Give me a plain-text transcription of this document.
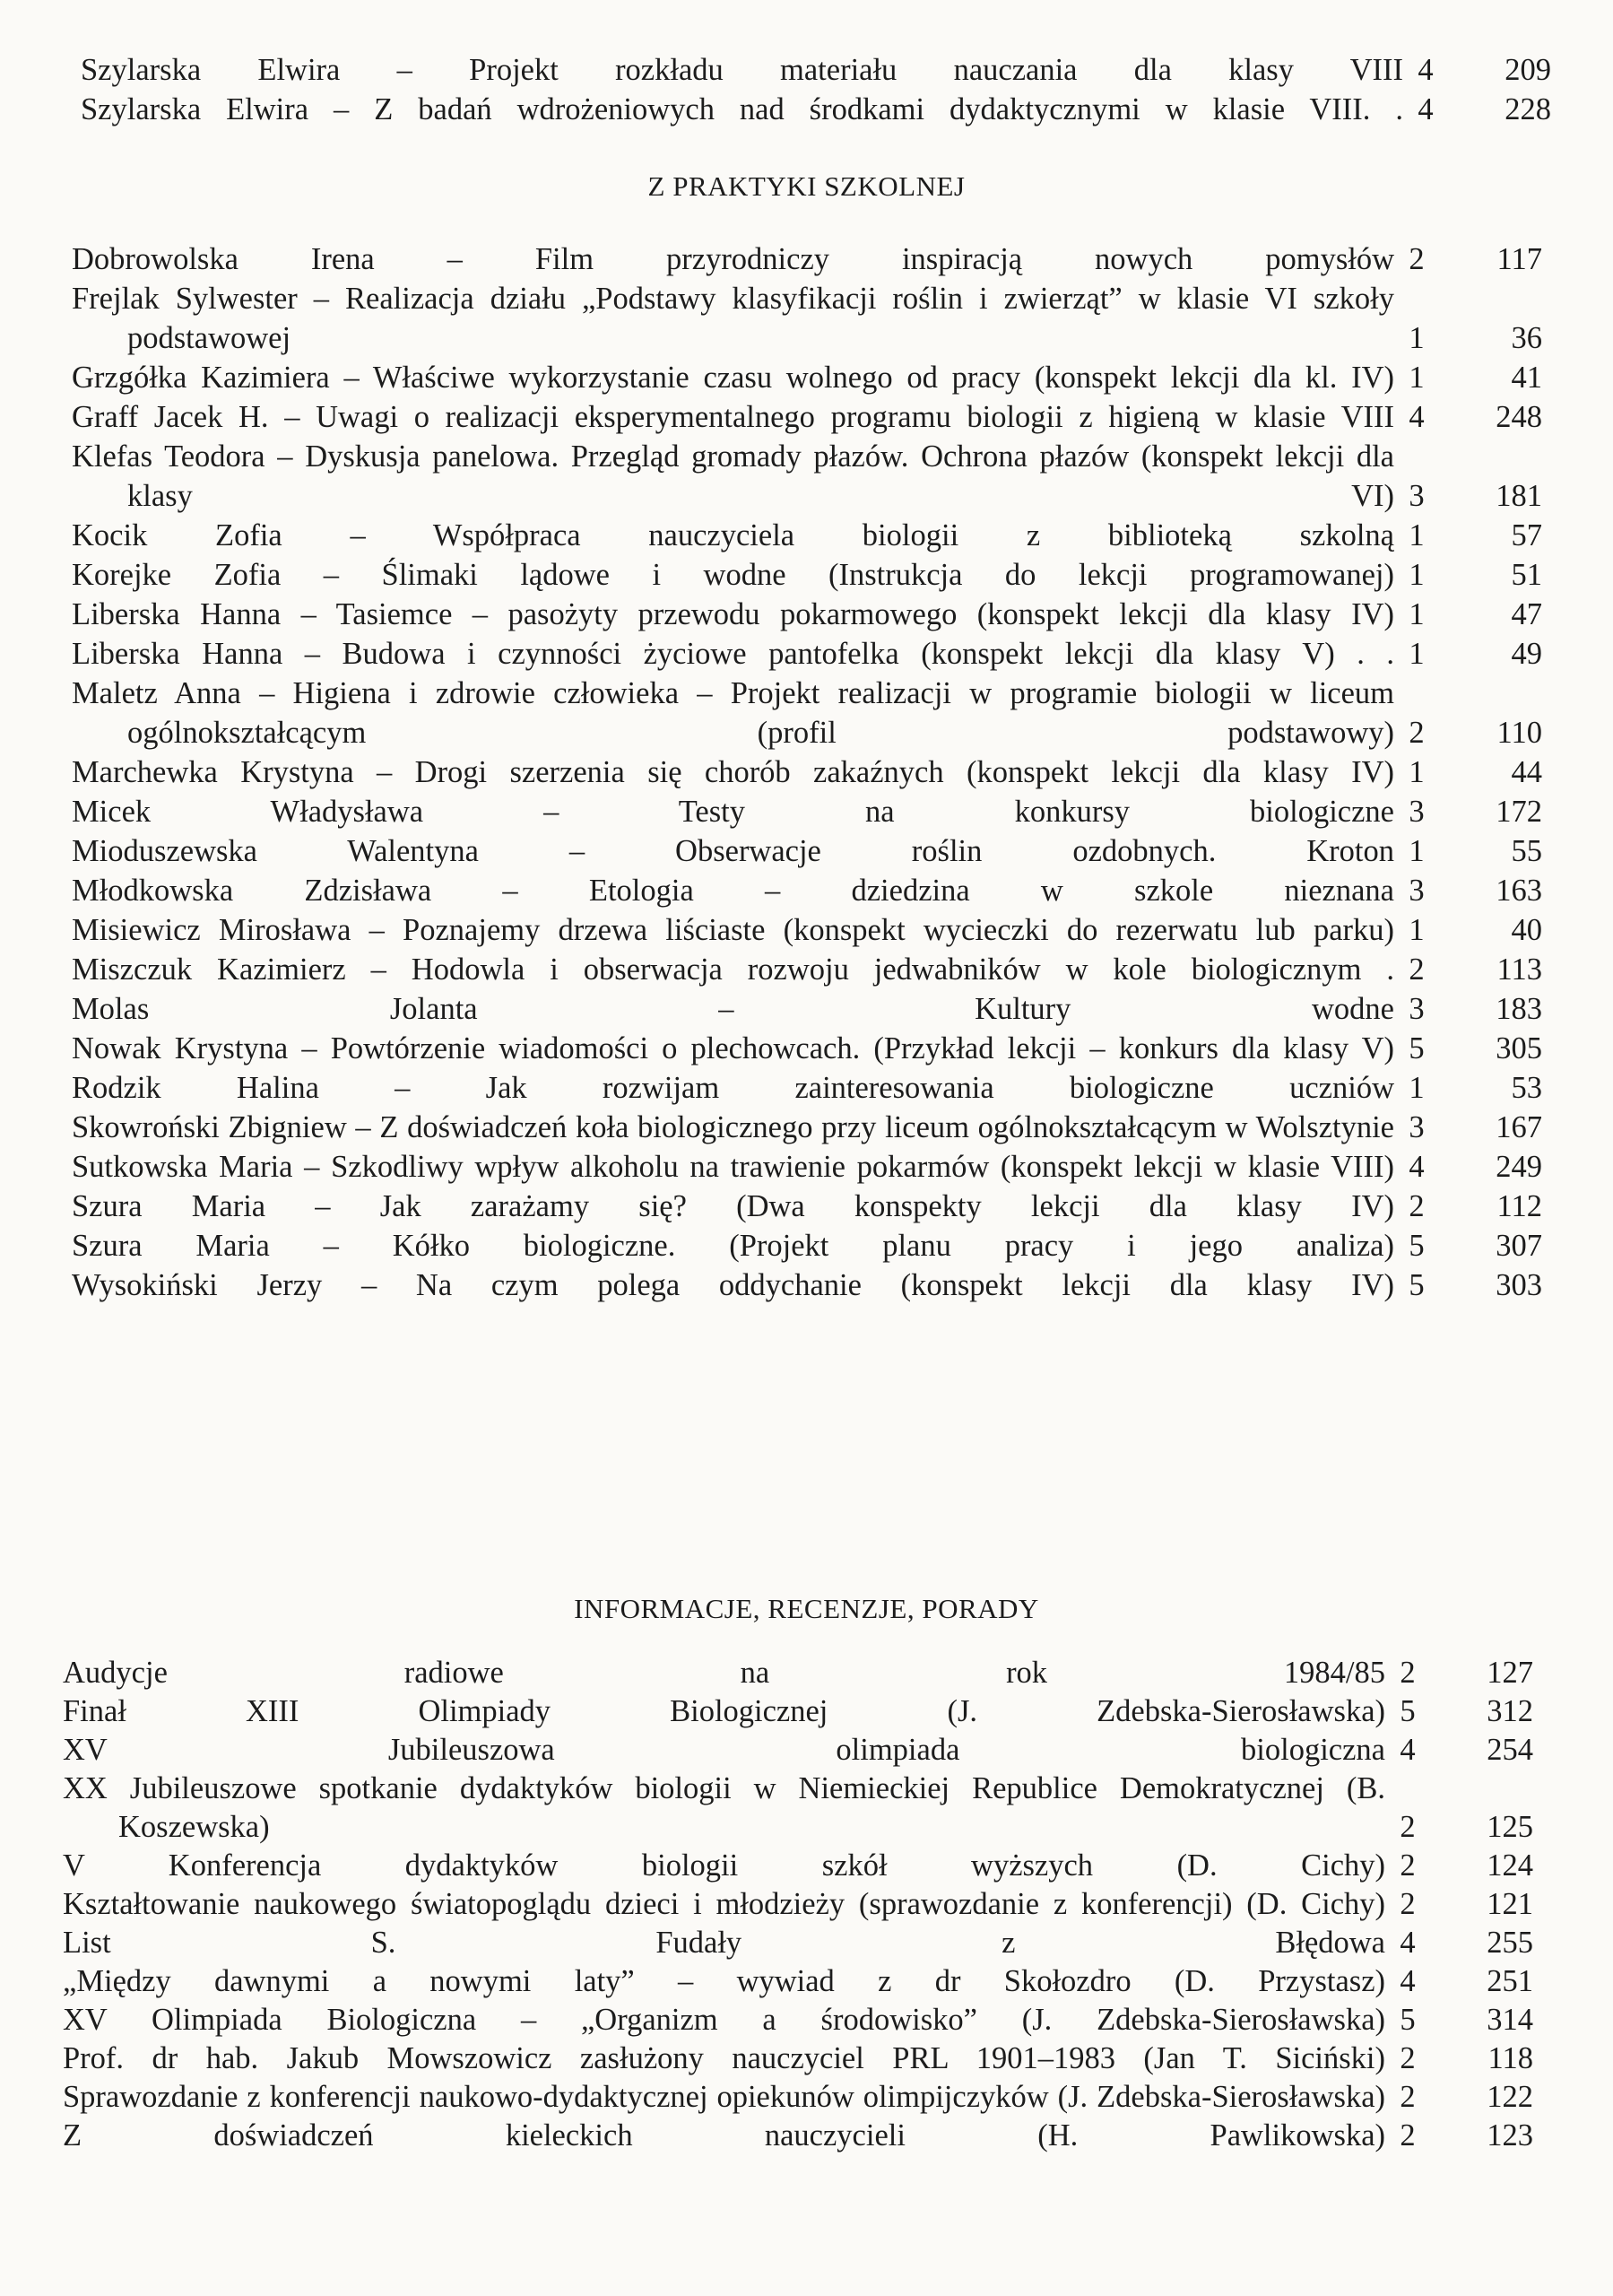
Szylarska Elwira – Projekt rozkładu materiału nauczania dla klasy VIII 4	209
Szylarska Elwira – Z badań wdrożeniowych nad środkami dydaktycznymi w klasie VIII. . 4	228
Z PRAKTYKI SZKOLNEJ
Dobrowolska Irena – Film przyrodniczy inspiracją nowych pomysłów 2	117
Frejlak Sylwester – Realizacja działu „Podstawy klasyfikacji roślin i zwierząt” w klasie VI szkoły podstawowej	1	36
Grzgółka Kazimiera – Właściwe wykorzystanie czasu wolnego od pracy (konspekt lekcji dla kl. IV) 1	41
Graff Jacek H. – Uwagi o realizacji eksperymentalnego programu biologii z higieną w klasie VIII 4	248
Klefas Teodora – Dyskusja panelowa. Przegląd gromady płazów. Ochrona płazów (konspekt lekcji dla klasy VI) 3	181
Kocik Zofia – Współpraca nauczyciela biologii z biblioteką szkolną 1	57
Korejke Zofia – Ślimaki lądowe i wodne (Instrukcja do lekcji programowanej) 1	51
Liberska Hanna – Tasiemce – pasożyty przewodu pokarmowego (konspekt lekcji dla klasy IV) 1	47
Liberska Hanna – Budowa i czynności życiowe pantofelka (konspekt lekcji dla klasy V) . . 1	49
Maletz Anna – Higiena i zdrowie człowieka – Projekt realizacji w programie biologii w liceum ogólnokształcącym (profil podstawowy) 2	110
Marchewka Krystyna – Drogi szerzenia się chorób zakaźnych (konspekt lekcji dla klasy IV) 1	44
Micek Władysława – Testy na konkursy biologiczne 3	172
Mioduszewska Walentyna – Obserwacje roślin ozdobnych. Kroton 1	55
Młodkowska Zdzisława – Etologia – dziedzina w szkole nieznana 3	163
Misiewicz Mirosława – Poznajemy drzewa liściaste (konspekt wycieczki do rezerwatu lub parku) 1	40
Miszczuk Kazimierz – Hodowla i obserwacja rozwoju jedwabników w kole biologicznym . 2	113
Molas Jolanta – Kultury wodne 3	183
Nowak Krystyna – Powtórzenie wiadomości o plechowcach. (Przykład lekcji – konkurs dla klasy V) 5	305
Rodzik Halina – Jak rozwijam zainteresowania biologiczne uczniów 1	53
Skowroński Zbigniew – Z doświadczeń koła biologicznego przy liceum ogólnokształcącym w Wolsztynie 3	167
Sutkowska Maria – Szkodliwy wpływ alkoholu na trawienie pokarmów (konspekt lekcji w klasie VIII) 4	249
Szura Maria – Jak zarażamy się? (Dwa konspekty lekcji dla klasy IV) 2	112
Szura Maria – Kółko biologiczne. (Projekt planu pracy i jego analiza) 5	307
Wysokiński Jerzy – Na czym polega oddychanie (konspekt lekcji dla klasy IV) 5	303
INFORMACJE, RECENZJE, PORADY
Audycje radiowe na rok 1984/85 2	127
Finał XIII Olimpiady Biologicznej (J. Zdebska-Sierosławska) 5	312
XV Jubileuszowa olimpiada biologiczna 4	254
XX Jubileuszowe spotkanie dydaktyków biologii w Niemieckiej Republice Demokratycznej (B. Koszewska)	2	125
V Konferencja dydaktyków biologii szkół wyższych (D. Cichy) 2	124
Kształtowanie naukowego światopoglądu dzieci i młodzieży (sprawozdanie z konferencji) (D. Cichy) 2	121
List S. Fudały z Błędowa 4	255
„Między dawnymi a nowymi laty” – wywiad z dr Skołozdro (D. Przystasz) 4	251
XV Olimpiada Biologiczna – „Organizm a środowisko” (J. Zdebska-Sierosławska) 5	314
Prof. dr hab. Jakub Mowszowicz zasłużony nauczyciel PRL 1901–1983 (Jan T. Siciński) 2	118
Sprawozdanie z konferencji naukowo-dydaktycznej opiekunów olimpijczyków (J. Zdebska-Sierosławska) 2	122
Z doświadczeń kieleckich nauczycieli (H. Pawlikowska) 2	123
